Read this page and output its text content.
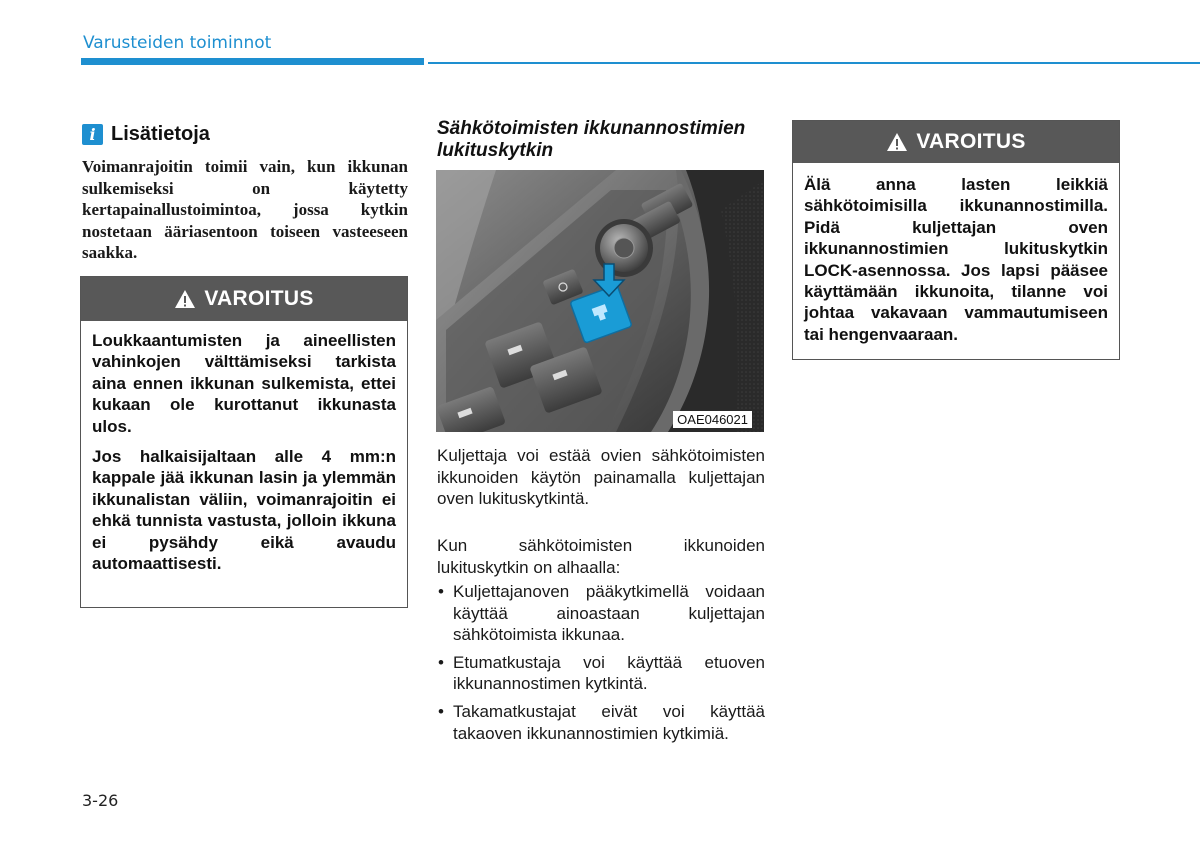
Varusteiden toiminnot
i Lisätietoja
Voimanrajoitin toimii vain, kun ikkunan sulkemiseksi on käytetty kertapainallustoimintoa, jossa kytkin nostetaan ääriasentoon toiseen vasteeseen saakka.
VAROITUS

Loukkaantumisten ja aineellisten vahinkojen välttämiseksi tarkista aina ennen ikkunan sulkemista, ettei kukaan ole kurottanut ikkunasta ulos.

Jos halkaisijaltaan alle 4 mm:n kappale jää ikkunan lasin ja ylemmän ikkunalistan väliin, voimanrajoitin ei ehkä tunnista vastusta, jolloin ikkuna ei pysähdy eikä avaudu automaattisesti.

Sähkötoimisten ikkunannostimien lukituskytkin
OAE046021
Kuljettaja voi estää ovien sähkötoimisten ikkunoiden käytön painamalla kuljettajan oven lukituskytkintä.
Kun sähkötoimisten ikkunoiden lukituskytkin on alhaalla:
• Kuljettajanoven pääkytkimellä voidaan käyttää ainoastaan kuljettajan sähkötoimista ikkunaa.
• Etumatkustaja voi käyttää etuoven ikkunannostimen kytkintä.
• Takamatkustajat eivät voi käyttää takaoven ikkunannostimien kytkimiä.
VAROITUS

Älä anna lasten leikkiä sähkötoimisilla ikkunannostimilla. Pidä kuljettajan oven ikkunannostimien lukituskytkin LOCK-asennossa. Jos lapsi pääsee käyttämään ikkunoita, tilanne voi johtaa vakavaan vammautumiseen tai hengenvaaraan.

3-26
